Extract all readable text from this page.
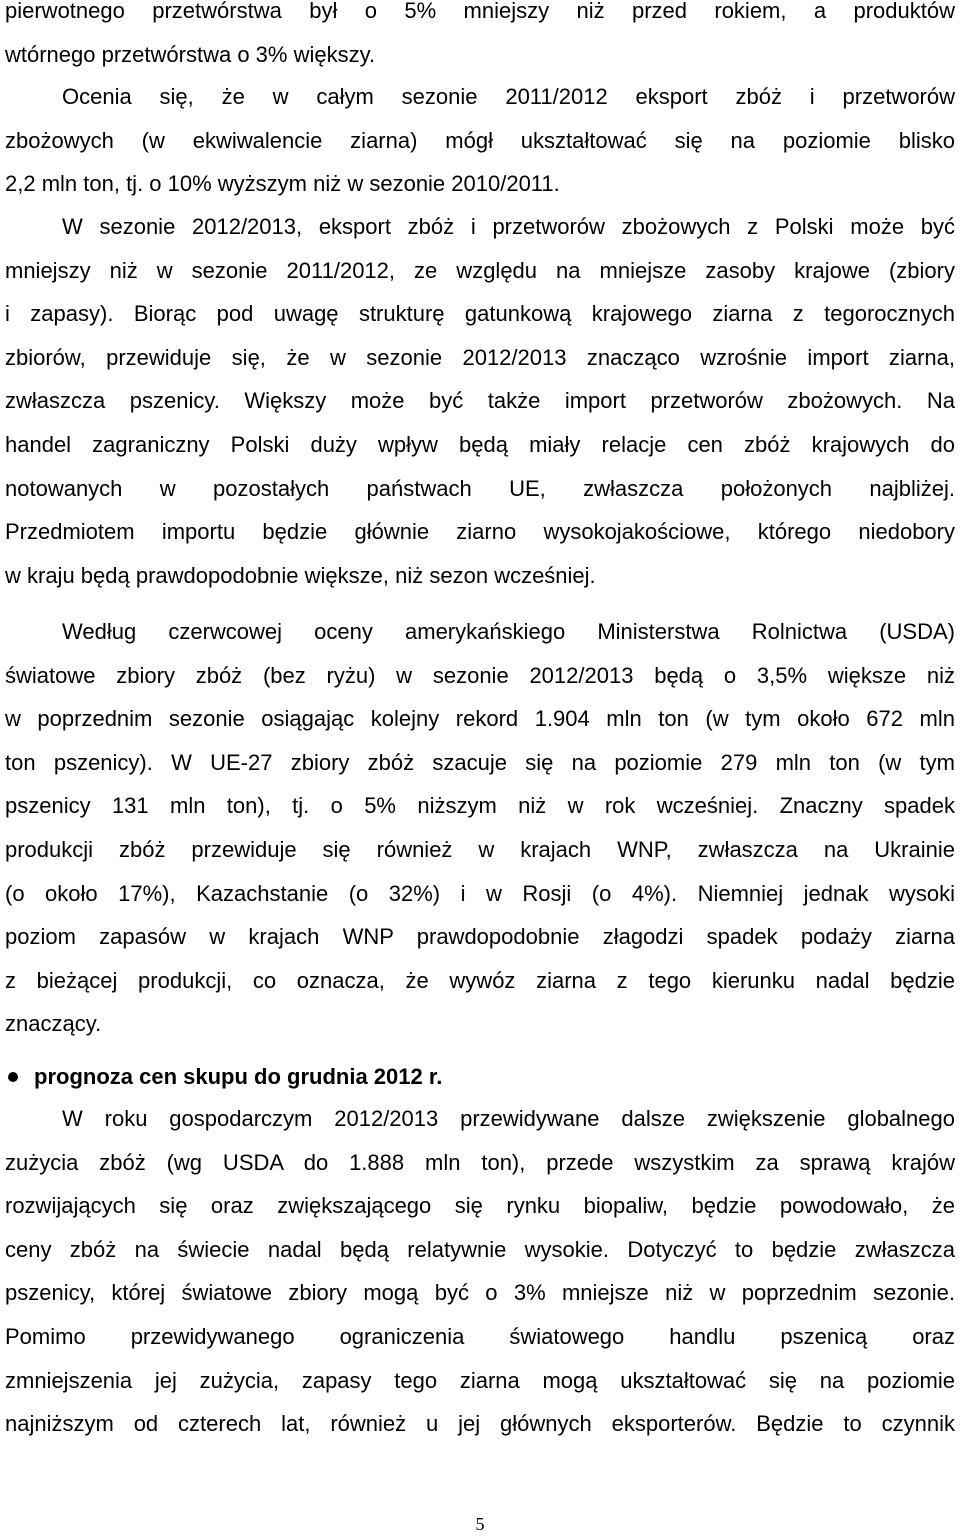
pierwotnego przetwórstwa był o 5% mniejszy niż przed rokiem, a produktów
wtórnego przetwórstwa o 3% większy.
Ocenia się, że w całym sezonie 2011/2012 eksport zbóż i przetworów
zbożowych (w ekwiwalencie ziarna) mógł ukształtować się na poziomie blisko
2,2 mln ton, tj. o 10% wyższym niż w sezonie 2010/2011.
W sezonie 2012/2013, eksport zbóż i przetworów zbożowych z Polski może być
mniejszy niż w sezonie 2011/2012, ze względu na mniejsze zasoby krajowe (zbiory
i zapasy). Biorąc pod uwagę strukturę gatunkową krajowego ziarna z tegorocznych
zbiorów, przewiduje się, że w sezonie 2012/2013 znacząco wzrośnie import ziarna,
zwłaszcza pszenicy. Większy może być także import przetworów zbożowych. Na
handel zagraniczny Polski duży wpływ będą miały relacje cen zbóż krajowych do
notowanych w pozostałych państwach UE, zwłaszcza położonych najbliżej.
Przedmiotem importu będzie głównie ziarno wysokojakościowe, którego niedobory
w kraju będą prawdopodobnie większe, niż sezon wcześniej.
Według czerwcowej oceny amerykańskiego Ministerstwa Rolnictwa (USDA)
światowe zbiory zbóż (bez ryżu) w sezonie 2012/2013 będą o 3,5% większe niż
w poprzednim sezonie osiągając kolejny rekord 1.904 mln ton (w tym około 672 mln
ton pszenicy). W UE-27 zbiory zbóż szacuje się na poziomie 279 mln ton (w tym
pszenicy 131 mln ton), tj. o 5% niższym niż w rok wcześniej. Znaczny spadek
produkcji zbóż przewiduje się również w krajach WNP, zwłaszcza na Ukrainie
(o około 17%), Kazachstanie (o 32%) i w Rosji (o 4%). Niemniej jednak wysoki
poziom zapasów w krajach WNP prawdopodobnie złagodzi spadek podaży ziarna
z bieżącej produkcji, co oznacza, że wywóz ziarna z tego kierunku nadal będzie
znaczący.
prognoza cen skupu do grudnia 2012 r.
W roku gospodarczym 2012/2013 przewidywane dalsze zwiększenie globalnego
zużycia zbóż (wg USDA do 1.888 mln ton), przede wszystkim za sprawą krajów
rozwijających się oraz zwiększającego się rynku biopaliw, będzie powodowało, że
ceny zbóż na świecie nadal będą relatywnie wysokie. Dotyczyć to będzie zwłaszcza
pszenicy, której światowe zbiory mogą być o 3% mniejsze niż w poprzednim sezonie.
Pomimo przewidywanego ograniczenia światowego handlu pszenicą oraz
zmniejszenia jej zużycia, zapasy tego ziarna mogą ukształtować się na poziomie
najniższym od czterech lat, również u jej głównych eksporterów. Będzie to czynnik
5
